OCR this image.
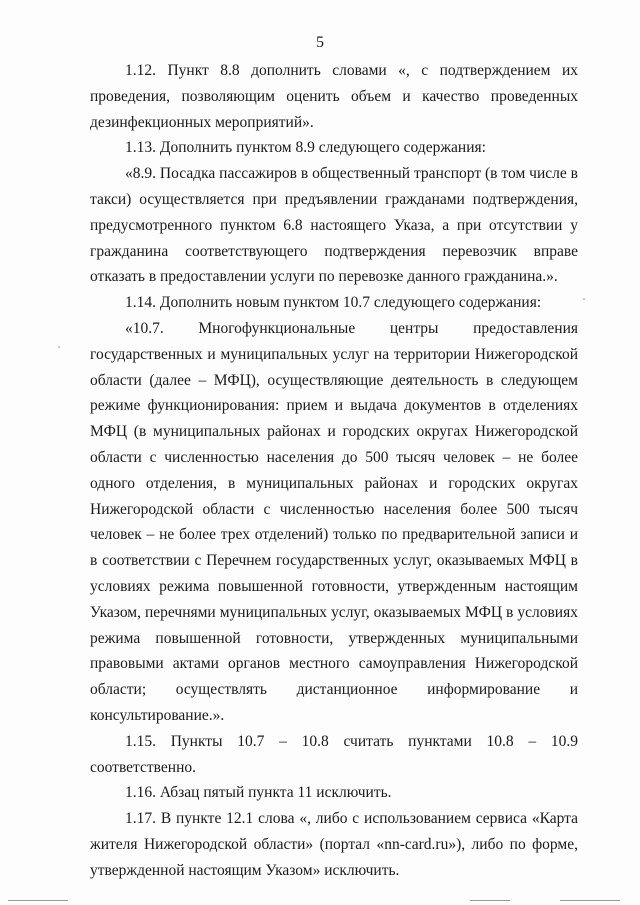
5

1.12. Пункт 8.8 дополнить словами «, с подтверждением их проведения, позволяющим оценить объем и качество проведенных дезинфекционных мероприятий».

1.13. Дополнить пунктом 8.9 следующего содержания:

«8.9. Посадка пассажиров в общественный транспорт (в том числе в такси) осуществляется при предъявлении гражданами подтверждения, предусмотренного пунктом 6.8 настоящего Указа, а при отсутствии у гражданина соответствующего подтверждения перевозчик вправе отказать в предоставлении услуги по перевозке данного гражданина.».

1.14. Дополнить новым пунктом 10.7 следующего содержания:

«10.7. Многофункциональные центры предоставления государственных и муниципальных услуг на территории Нижегородской области (далее – МФЦ), осуществляющие деятельность в следующем режиме функционирования: прием и выдача документов в отделениях МФЦ (в муниципальных районах и городских округах Нижегородской области с численностью населения до 500 тысяч человек – не более одного отделения, в муниципальных районах и городских округах Нижегородской области с численностью населения более 500 тысяч человек – не более трех отделений) только по предварительной записи и в соответствии с Перечнем государственных услуг, оказываемых МФЦ в условиях режима повышенной готовности, утвержденным настоящим Указом, перечнями муниципальных услуг, оказываемых МФЦ в условиях режима повышенной готовности, утвержденных муниципальными правовыми актами органов местного самоуправления Нижегородской области; осуществлять дистанционное информирование и консультирование.».

1.15. Пункты 10.7 – 10.8 считать пунктами 10.8 – 10.9 соответственно.

1.16. Абзац пятый пункта 11 исключить.

1.17. В пункте 12.1 слова «, либо с использованием сервиса «Карта жителя Нижегородской области» (портал «nn-card.ru»), либо по форме, утвержденной настоящим Указом» исключить.
